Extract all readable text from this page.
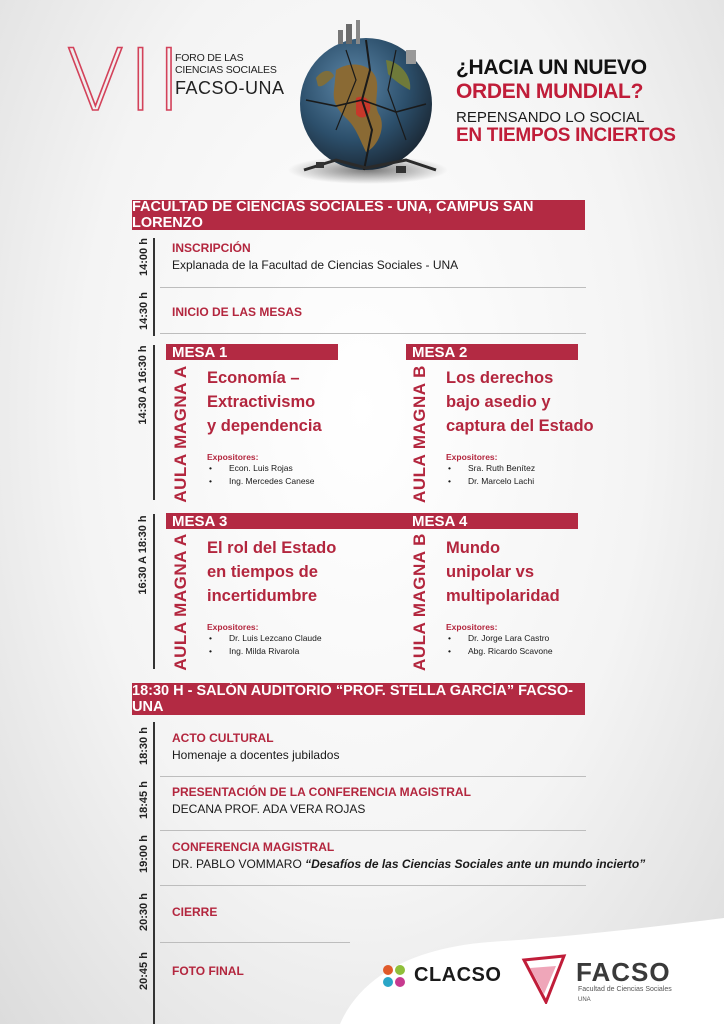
VII
FORO DE LAS
CIENCIAS SOCIALES
FACSO-UNA
¿HACIA UN NUEVO
ORDEN MUNDIAL?
REPENSANDO LO SOCIAL
EN TIEMPOS INCIERTOS
FACULTAD DE CIENCIAS SOCIALES - UNA, CAMPUS SAN LORENZO
14:00 h INSCRIPCIÓN
Explanada de la Facultad de Ciencias Sociales - UNA
14:30 h INICIO DE LAS MESAS
14:30 A 16:30 h	MESA 1
AULA MAGNA A Economía –
Extractivismo
y dependencia
Expositores:
• Econ. Luis Rojas
• Ing. Mercedes Canese
MESA 2
AULA MAGNA B Los derechos
bajo asedio y
captura del Estado
Expositores:
• Sra. Ruth Benítez
• Dr. Marcelo Lachi
16:30 A 18:30 h	MESA 3
AULA MAGNA A El rol del Estado
en tiempos de
incertidumbre
Expositores:
• Dr. Luis Lezcano Claude
• Ing. Milda Rivarola
MESA 4
AULA MAGNA B Mundo
unipolar vs
multipolaridad
Expositores:
• Dr. Jorge Lara Castro
• Abg. Ricardo Scavone
18:30 H - SALÓN AUDITORIO “PROF. STELLA GARCÍA” FACSO-UNA
18:30 h ACTO CULTURAL
Homenaje a docentes jubilados
18:45 h PRESENTACIÓN DE LA CONFERENCIA MAGISTRAL
DECANA PROF. ADA VERA ROJAS
19:00 h CONFERENCIA MAGISTRAL
DR. PABLO VOMMARO “Desafíos de las Ciencias Sociales ante un mundo incierto”
20:30 h CIERRE
20:45 h FOTO FINAL	CLACSO	FACSO
Facultad de Ciencias Sociales
UNA
